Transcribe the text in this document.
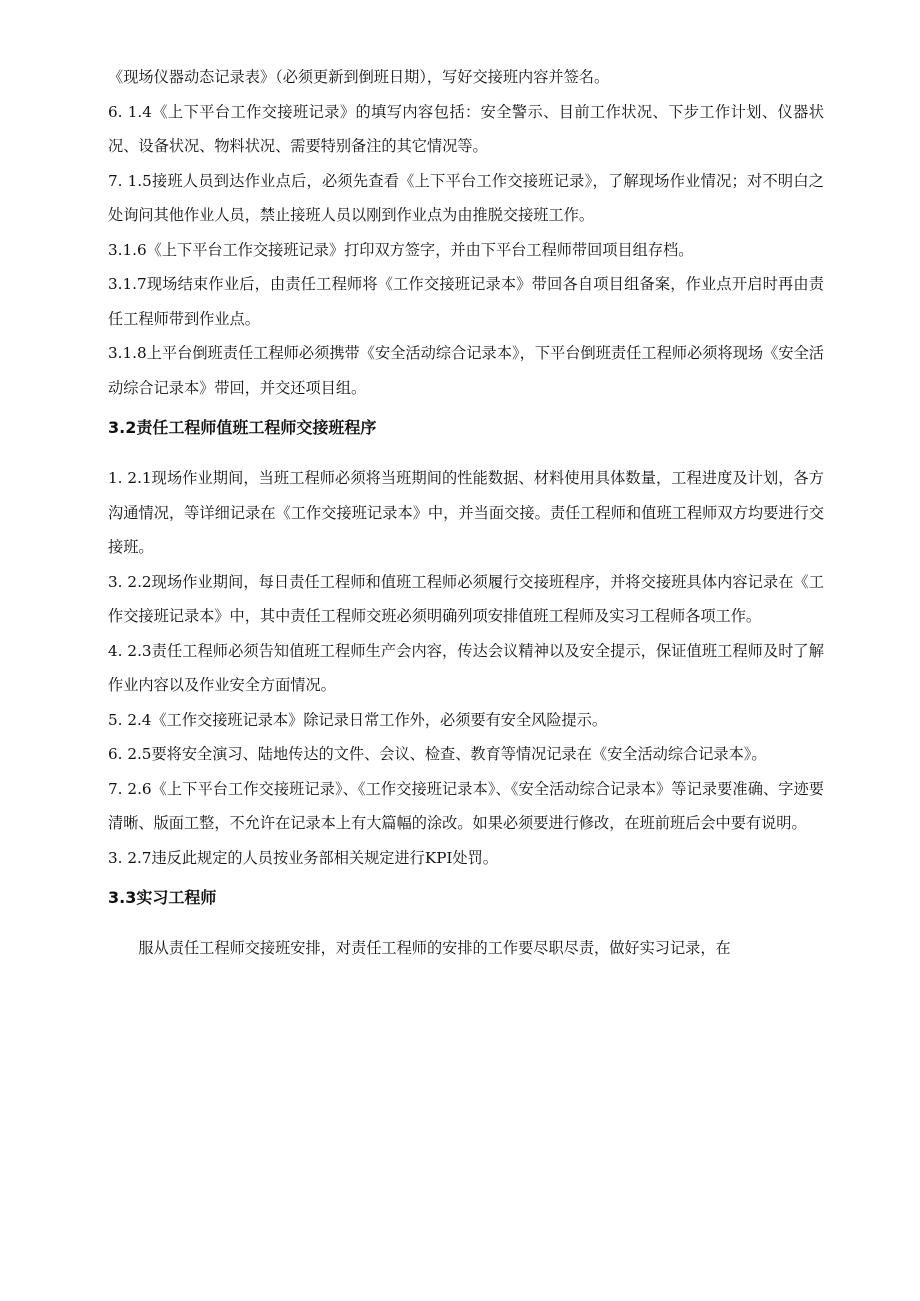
《现场仪器动态记录表》（必须更新到倒班日期），写好交接班内容并签名。

6. 1.4《上下平台工作交接班记录》的填写内容包括：安全警示、目前工作状况、下步工作计划、仪器状况、设备状况、物料状况、需要特别备注的其它情况等。

7. 1.5接班人员到达作业点后，必须先查看《上下平台工作交接班记录》，了解现场作业情况；对不明白之处询问其他作业人员，禁止接班人员以刚到作业点为由推脱交接班工作。

3.1.6《上下平台工作交接班记录》打印双方签字，并由下平台工程师带回项目组存档。

3.1.7现场结束作业后，由责任工程师将《工作交接班记录本》带回各自项目组备案，作业点开启时再由责任工程师带到作业点。

3.1.8上平台倒班责任工程师必须携带《安全活动综合记录本》，下平台倒班责任工程师必须将现场《安全活动综合记录本》带回，并交还项目组。

3.2责任工程师值班工程师交接班程序

1. 2.1现场作业期间，当班工程师必须将当班期间的性能数据、材料使用具体数量，工程进度及计划，各方沟通情况，等详细记录在《工作交接班记录本》中，并当面交接。责任工程师和值班工程师双方均要进行交接班。

3. 2.2现场作业期间，每日责任工程师和值班工程师必须履行交接班程序，并将交接班具体内容记录在《工作交接班记录本》中，其中责任工程师交班必须明确列项安排值班工程师及实习工程师各项工作。

4. 2.3责任工程师必须告知值班工程师生产会内容，传达会议精神以及安全提示，保证值班工程师及时了解作业内容以及作业安全方面情况。

5. 2.4《工作交接班记录本》除记录日常工作外，必须要有安全风险提示。

6. 2.5要将安全演习、陆地传达的文件、会议、检查、教育等情况记录在《安全活动综合记录本》。

7. 2.6《上下平台工作交接班记录》、《工作交接班记录本》、《安全活动综合记录本》等记录要准确、字迹要清晰、版面工整，不允许在记录本上有大篇幅的涂改。如果必须要进行修改，在班前班后会中要有说明。

3. 2.7违反此规定的人员按业务部相关规定进行KPI处罚。

3.3实习工程师

服从责任工程师交接班安排，对责任工程师的安排的工作要尽职尽责，做好实习记录，在
